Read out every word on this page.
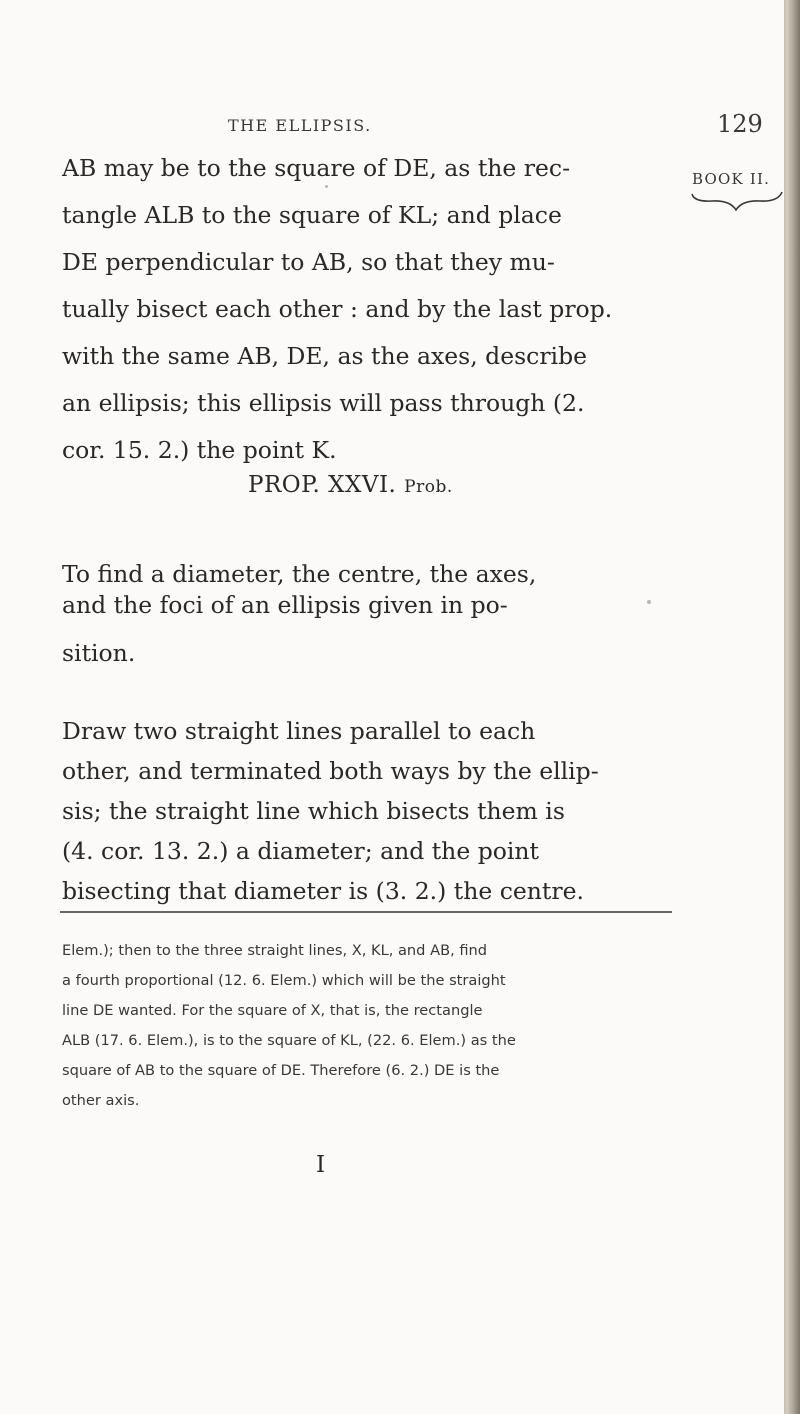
THE ELLIPSIS.	129
BOOK II.
AB may be to the square of DE, as the rec-
tangle ALB to the square of KL; and place
DE perpendicular to AB, so that they mu-
tually bisect each other : and by the last prop.
with the same AB, DE, as the axes, describe
an ellipsis; this ellipsis will pass through (2.
cor. 15. 2.) the point K.
PROP. XXVI. Prob.
To find a diameter, the centre, the axes,
and the foci of an ellipsis given in po-
sition.
Draw two straight lines parallel to each
other, and terminated both ways by the ellip-
sis; the straight line which bisects them is
(4. cor. 13. 2.) a diameter; and the point
bisecting that diameter is (3. 2.) the centre.
Elem.); then to the three straight lines, X, KL, and AB, find
a fourth proportional (12. 6. Elem.) which will be the straight
line DE wanted. For the square of X, that is, the rectangle
ALB (17. 6. Elem.), is to the square of KL, (22. 6. Elem.) as the
square of AB to the square of DE. Therefore (6. 2.) DE is the
other axis.
I
